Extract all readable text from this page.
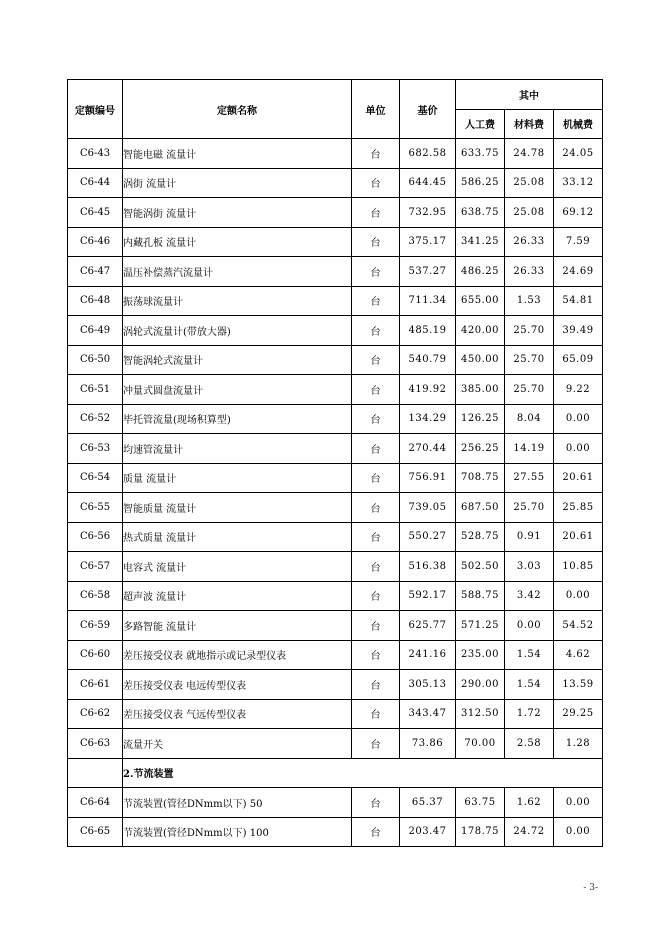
定额编号	定额名称	单位	基价	其中		
				人工费	材料费	机械费
C6-43	智能电磁 流量计	台	682.58	633.75	24.78	24.05
C6-44	涡街 流量计	台	644.45	586.25	25.08	33.12
C6-45	智能涡街 流量计	台	732.95	638.75	25.08	69.12
C6-46	内藏孔板 流量计	台	375.17	341.25	26.33	7.59
C6-47	温压补偿蒸汽流量计	台	537.27	486.25	26.33	24.69
C6-48	振荡球流量计	台	711.34	655.00	1.53	54.81
C6-49	涡轮式流量计(带放大器)	台	485.19	420.00	25.70	39.49
C6-50	智能涡轮式流量计	台	540.79	450.00	25.70	65.09
C6-51	冲量式圆盘流量计	台	419.92	385.00	25.70	9.22
C6-52	毕托管流量(现场积算型)	台	134.29	126.25	8.04	0.00
C6-53	均速管流量计	台	270.44	256.25	14.19	0.00
C6-54	质量 流量计	台	756.91	708.75	27.55	20.61
C6-55	智能质量 流量计	台	739.05	687.50	25.70	25.85
C6-56	热式质量 流量计	台	550.27	528.75	0.91	20.61
C6-57	电容式 流量计	台	516.38	502.50	3.03	10.85
C6-58	超声波 流量计	台	592.17	588.75	3.42	0.00
C6-59	多路智能 流量计	台	625.77	571.25	0.00	54.52
C6-60	差压接受仪表 就地指示或记录型仪表	台	241.16	235.00	1.54	4.62
C6-61	差压接受仪表 电远传型仪表	台	305.13	290.00	1.54	13.59
C6-62	差压接受仪表 气远传型仪表	台	343.47	312.50	1.72	29.25
C6-63	流量开关	台	73.86	70.00	2.58	1.28
	2.节流装置					
C6-64	节流装置(管径DNmm以下) 50	台	65.37	63.75	1.62	0.00
C6-65	节流装置(管径DNmm以下) 100	台	203.47	178.75	24.72	0.00
- 3-
